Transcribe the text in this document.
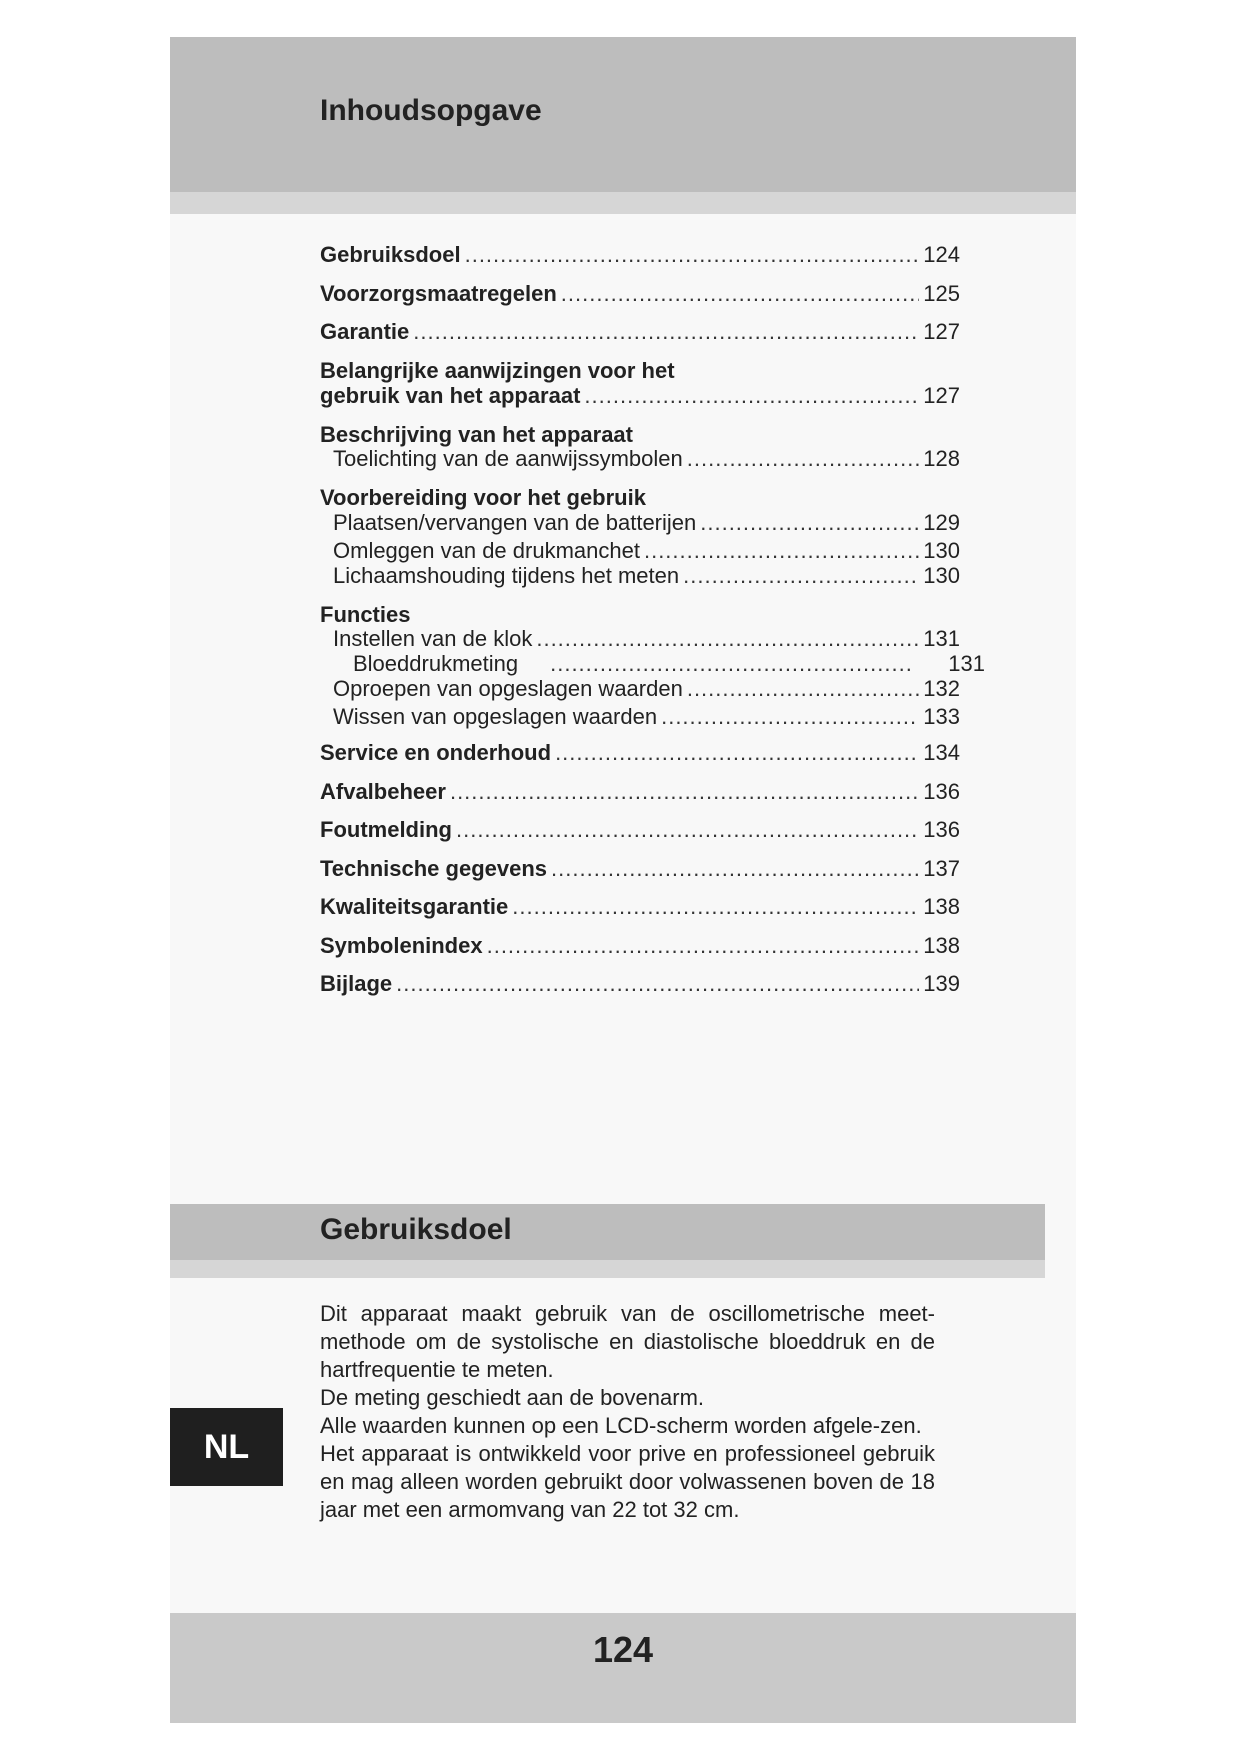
Inhoudsopgave
Gebruiksdoel .....	124
Voorzorgsmaatregelen .....	125
Garantie .....	127
Belangrijke aanwijzingen voor het
gebruik van het apparaat .....	127
Beschrijving van het apparaat
Toelichting van de aanwijssymbolen .....	128
Voorbereiding voor het gebruik
Plaatsen/vervangen van de batterijen .....	129
Omleggen van de drukmanchet .....	130
Lichaamshouding tijdens het meten .....	130
Functies
Instellen van de klok .....	131
Bloeddrukmeting .....	131
Oproepen van opgeslagen waarden .....	132
Wissen van opgeslagen waarden .....	133
Service en onderhoud .....	134
Afvalbeheer .....	136
Foutmelding .....	136
Technische gegevens .....	137
Kwaliteitsgarantie .....	138
Symbolenindex .....	138
Bijlage .....	139
Gebruiksdoel

Dit apparaat maakt gebruik van de oscillometrische meet-methode om de systolische en diastolische bloeddruk en de hartfrequentie te meten.

De meting geschiedt aan de bovenarm.

Alle waarden kunnen op een LCD-scherm worden afgele-zen.

Het apparaat is ontwikkeld voor prive en professioneel gebruik en mag alleen worden gebruikt door volwassenen boven de 18 jaar met een armomvang van 22 tot 32 cm.

NL
124
